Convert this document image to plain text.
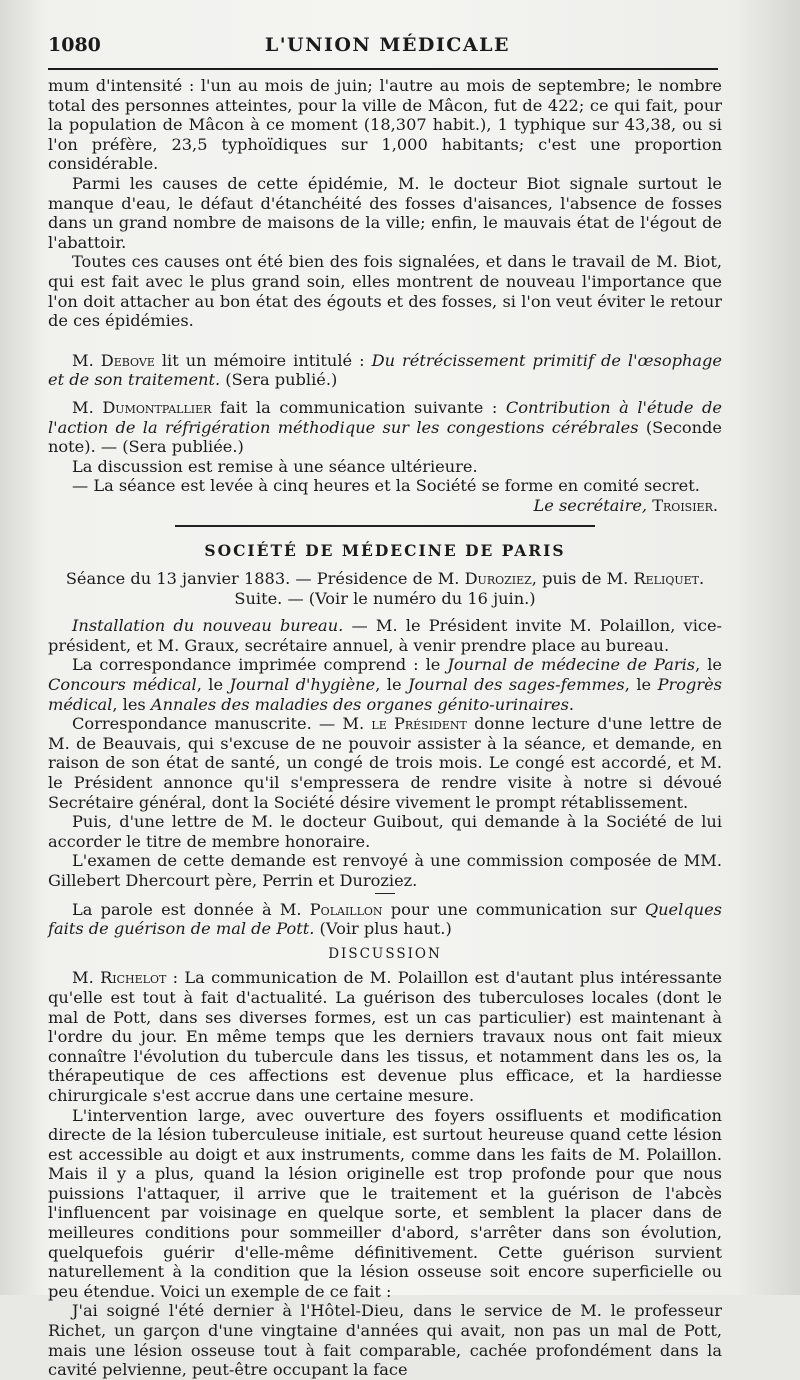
1080	L'UNION MÉDICALE

mum d'intensité : l'un au mois de juin; l'autre au mois de septembre; le nombre total des personnes atteintes, pour la ville de Mâcon, fut de 422; ce qui fait, pour la population de Mâcon à ce moment (18,307 habit.), 1 typhique sur 43,38, ou si l'on préfère, 23,5 typhoïdiques sur 1,000 habitants; c'est une proportion considérable.

Parmi les causes de cette épidémie, M. le docteur Biot signale surtout le manque d'eau, le défaut d'étanchéité des fosses d'aisances, l'absence de fosses dans un grand nombre de maisons de la ville; enfin, le mauvais état de l'égout de l'abattoir.

Toutes ces causes ont été bien des fois signalées, et dans le travail de M. Biot, qui est fait avec le plus grand soin, elles montrent de nouveau l'importance que l'on doit attacher au bon état des égouts et des fosses, si l'on veut éviter le retour de ces épidémies.

M. Debove lit un mémoire intitulé : Du rétrécissement primitif de l'œsophage et de son traitement. (Sera publié.)

M. Dumontpallier fait la communication suivante : Contribution à l'étude de l'action de la réfrigération méthodique sur les congestions cérébrales (Seconde note). — (Sera publiée.)

La discussion est remise à une séance ultérieure.

— La séance est levée à cinq heures et la Société se forme en comité secret.

Le secrétaire, Troisier.

SOCIÉTÉ DE MÉDECINE DE PARIS

Séance du 13 janvier 1883. — Présidence de M. Duroziez, puis de M. Reliquet.

Suite. — (Voir le numéro du 16 juin.)

Installation du nouveau bureau. — M. le Président invite M. Polaillon, vice-président, et M. Graux, secrétaire annuel, à venir prendre place au bureau.

La correspondance imprimée comprend : le Journal de médecine de Paris, le Concours médical, le Journal d'hygiène, le Journal des sages-femmes, le Progrès médical, les Annales des maladies des organes génito-urinaires.

Correspondance manuscrite. — M. le Président donne lecture d'une lettre de M. de Beauvais, qui s'excuse de ne pouvoir assister à la séance, et demande, en raison de son état de santé, un congé de trois mois. Le congé est accordé, et M. le Président annonce qu'il s'empressera de rendre visite à notre si dévoué Secrétaire général, dont la Société désire vivement le prompt rétablissement.

Puis, d'une lettre de M. le docteur Guibout, qui demande à la Société de lui accorder le titre de membre honoraire.

L'examen de cette demande est renvoyé à une commission composée de MM. Gillebert Dhercourt père, Perrin et Duroziez.

La parole est donnée à M. Polaillon pour une communication sur Quelques faits de guérison de mal de Pott. (Voir plus haut.)

DISCUSSION

M. Richelot : La communication de M. Polaillon est d'autant plus intéressante qu'elle est tout à fait d'actualité. La guérison des tuberculoses locales (dont le mal de Pott, dans ses diverses formes, est un cas particulier) est maintenant à l'ordre du jour. En même temps que les derniers travaux nous ont fait mieux connaître l'évolution du tubercule dans les tissus, et notamment dans les os, la thérapeutique de ces affections est devenue plus efficace, et la hardiesse chirurgicale s'est accrue dans une certaine mesure.

L'intervention large, avec ouverture des foyers ossifluents et modification directe de la lésion tuberculeuse initiale, est surtout heureuse quand cette lésion est accessible au doigt et aux instruments, comme dans les faits de M. Polaillon. Mais il y a plus, quand la lésion originelle est trop profonde pour que nous puissions l'attaquer, il arrive que le traitement et la guérison de l'abcès l'influencent par voisinage en quelque sorte, et semblent la placer dans de meilleures conditions pour sommeiller d'abord, s'arrêter dans son évolution, quelquefois guérir d'elle-même définitivement. Cette guérison survient naturellement à la condition que la lésion osseuse soit encore superficielle ou peu étendue. Voici un exemple de ce fait :

J'ai soigné l'été dernier à l'Hôtel-Dieu, dans le service de M. le professeur Richet, un garçon d'une vingtaine d'années qui avait, non pas un mal de Pott, mais une lésion osseuse tout à fait comparable, cachée profondément dans la cavité pelvienne, peut-être occupant la face
